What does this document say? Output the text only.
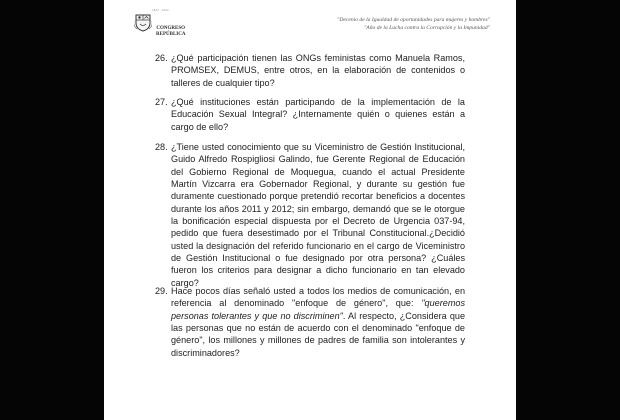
1822 - 2022
CONGRESO
REPÚBLICA
"Decenio de la Igualdad de oportunidades para mujeres y hombres"
"Año de la Lucha contra la Corrupción y la Impunidad"
26. ¿Qué participación tienen las ONGs feministas como Manuela Ramos, PROMSEX, DEMUS, entre otros, en la elaboración de contenidos o talleres de cualquier tipo?
27. ¿Qué instituciones están participando de la implementación de la Educación Sexual Integral? ¿Internamente quién o quienes están a cargo de ello?
28. ¿Tiene usted conocimiento que su Viceministro de Gestión Institucional, Guido Alfredo Rospigliosi Galindo, fue Gerente Regional de Educación del Gobierno Regional de Moquegua, cuando el actual Presidente Martín Vizcarra era Gobernador Regional, y durante su gestión fue duramente cuestionado porque pretendió recortar beneficios a docentes durante los años 2011 y 2012; sin embargo, demandó que se le otorgue la bonificación especial dispuesta por el Decreto de Urgencia 037-94, pedido que fuera desestimado por el Tribunal Constitucional.¿Decidió usted la designación del referido funcionario en el cargo de Viceministro de Gestión Institucional o fue designado por otra persona? ¿Cuáles fueron los criterios para designar a dicho funcionario en tan elevado cargo?
29. Hace pocos días señaló usted a todos los medios de comunicación, en referencia al denominado "enfoque de género", que: "queremos personas tolerantes y que no discriminen". Al respecto, ¿Considera que las personas que no están de acuerdo con el denominado "enfoque de género", los millones y millones de padres de familia son intolerantes y discriminadores?
